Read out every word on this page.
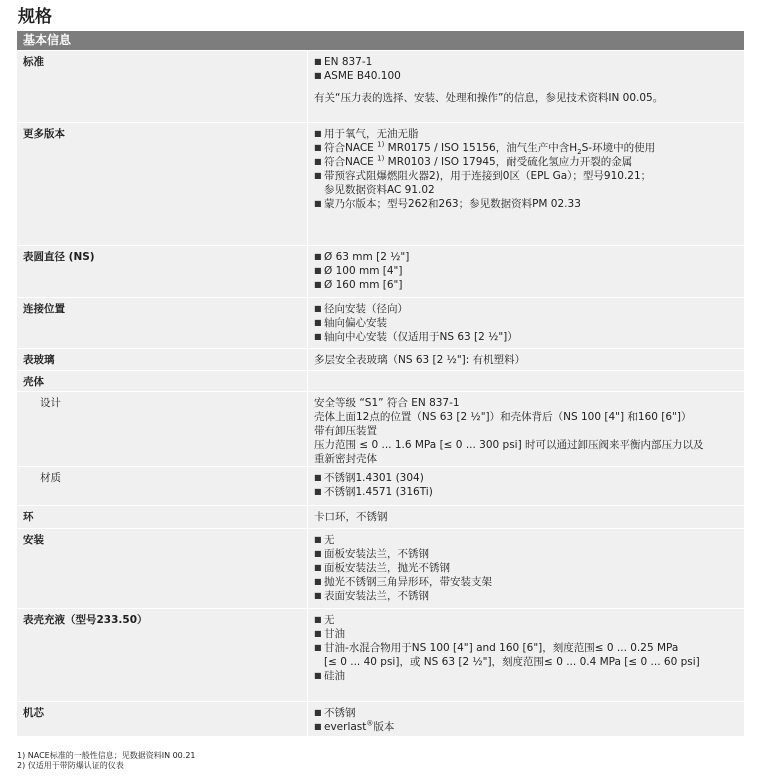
规格
基本信息
标准	■ EN 837-1
■ ASME B40.100
有关“压力表的选择、安装、处理和操作”的信息，参见技术资料IN 00.05。
更多版本	■ 用于氧气，无油无脂
■ 符合NACE $^{1)}$ MR0175 / ISO 15156，油气生产中含$H_2S-$环境中的使用
■ 符合NACE $^{1)}$ MR0103 / ISO 17945，耐受硫化氢应力开裂的金属
■ 带预容式阻爆燃阻火器2)，用于连接到0区（EPL Ga）；型号910.21；
参见数据资料AC 91.02
■ 蒙乃尔版本；型号262和263；参见数据资料PM 02.33
表圆直径 (NS)	■ Ø 63 mm [2 ½"]
■ Ø 100 mm [4"]
■ Ø 160 mm [6"]
连接位置	■ 径向安装（径向）
■ 轴向偏心安装
■ 轴向中心安装（仅适用于NS 63 [2 ½"]）
表玻璃	多层安全表玻璃（NS 63 [2 ½"]: 有机塑料）
壳体
设计	安全等级 “S1” 符合 EN 837-1
壳体上面12点的位置（NS 63 [2 ½"]）和壳体背后（NS 100 [4"] 和160 [6"]）
带有卸压装置
压力范围 ≤ 0 ... 1.6 MPa [≤ 0 ... 300 psi] 时可以通过卸压阀来平衡内部压力以及
重新密封壳体
材质	■ 不锈钢1.4301 (304)
■ 不锈钢1.4571 (316Ti)
环	卡口环，不锈钢
安装	■ 无
■ 面板安装法兰，不锈钢
■ 面板安装法兰，抛光不锈钢
■ 抛光不锈钢三角异形环，带安装支架
■ 表面安装法兰，不锈钢
表壳充液（型号233.50）	■ 无
■ 甘油
■ 甘油-水混合物用于NS 100 [4"] and 160 [6"]，刻度范围≤ 0 ... 0.25 MPa
[≤ 0 ... 40 psi]，或 NS 63 [2 ½"]，刻度范围≤ 0 ... 0.4 MPa [≤ 0 ... 60 psi]
■ 硅油
机芯	■ 不锈钢
■ everlast®版本
1) NACE标准的一般性信息；见数据资料IN 00.21
2) 仅适用于带防爆认证的仪表
